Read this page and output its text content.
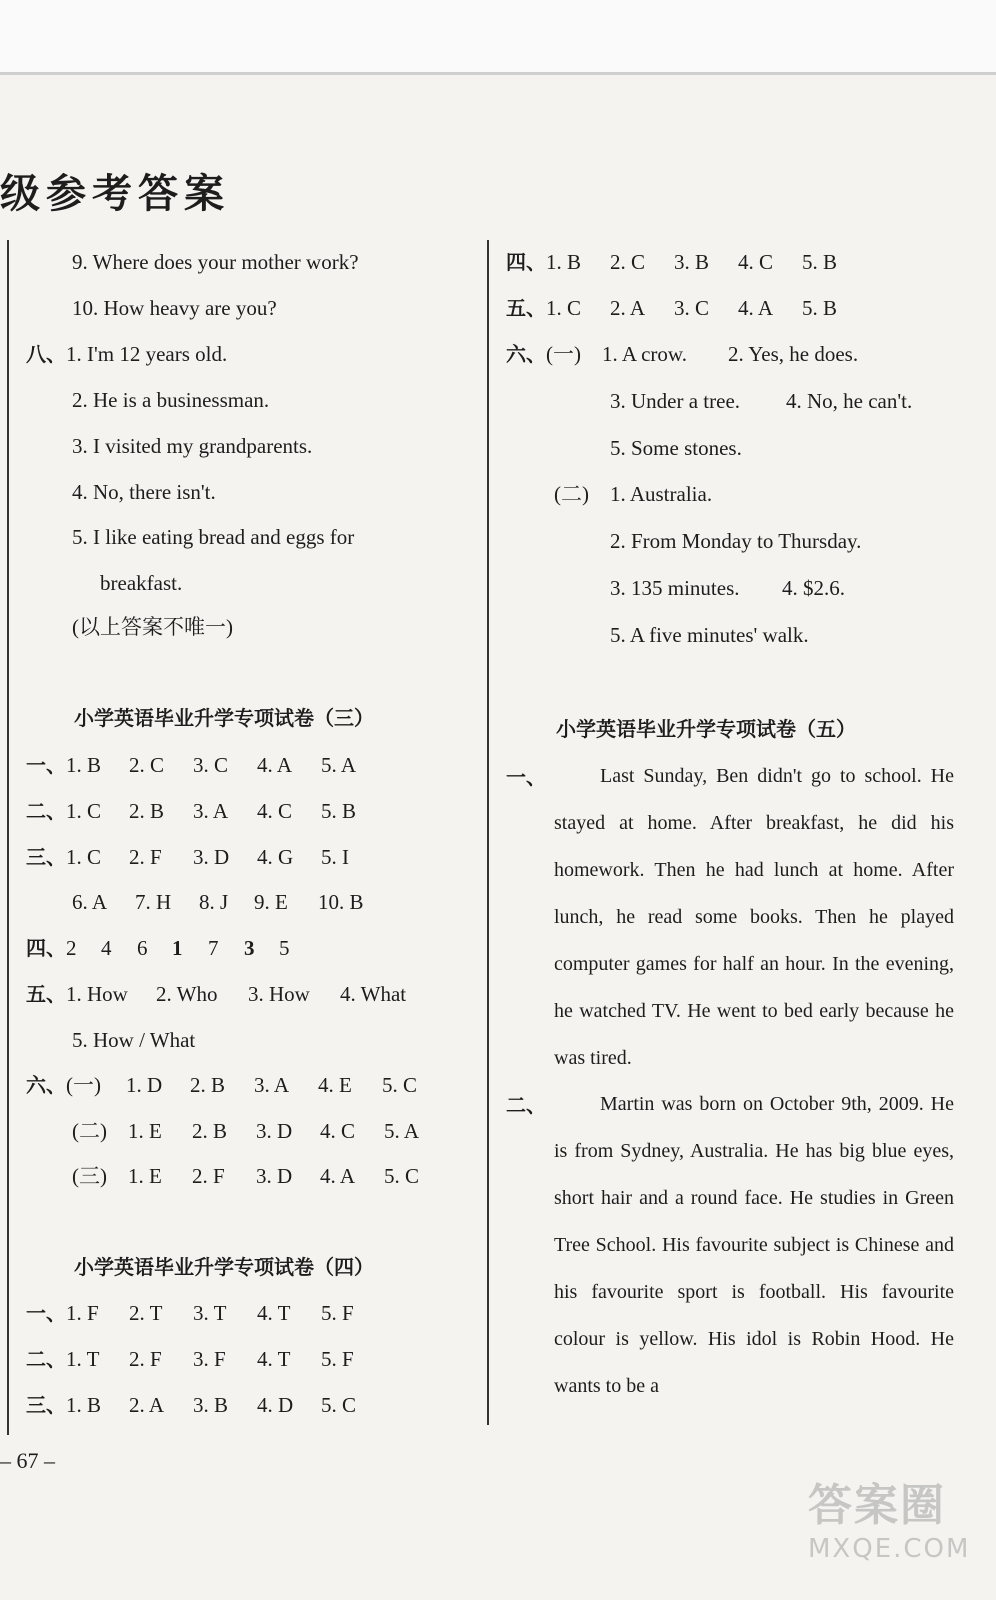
级参考答案
9. Where does your mother work?
10. How heavy are you?
八、1. I'm 12 years old.
2. He is a businessman.
3. I visited my grandparents.
4. No, there isn't.
5. I like eating bread and eggs for
breakfast.
(以上答案不唯一)
小学英语毕业升学专项试卷（三）
一、1. B 2. C 3. C 4. A 5. A
二、1. C 2. B 3. A 4. C 5. B
三、1. C 2. F 3. D 4. G 5. I
6. A 7. H 8. J 9. E 10. B
四、2 4 6 1 7 3 5
五、1. How 2. Who 3. How 4. What
5. How / What
六、(一) 1. D 2. B 3. A 4. E 5. C
(二) 1. E 2. B 3. D 4. C 5. A
(三) 1. E 2. F 3. D 4. A 5. C
小学英语毕业升学专项试卷（四）
一、1. F 2. T 3. T 4. T 5. F
二、1. T 2. F 3. F 4. T 5. F
三、1. B 2. A 3. B 4. D 5. C
– 67 –
四、1. B 2. C 3. B 4. C 5. B
五、1. C 2. A 3. C 4. A 5. B
六、(一) 1. A crow. 2. Yes, he does.
3. Under a tree. 4. No, he can't.
5. Some stones.
(二) 1. Australia.
2. From Monday to Thursday.
3. 135 minutes. 4. $2.6.
5. A five minutes' walk.
小学英语毕业升学专项试卷（五）
一、	Last Sunday, Ben didn't go to school. He stayed at home. After breakfast, he did his homework. Then he had lunch at home. After lunch, he read some books. Then he played computer games for half an hour. In the evening, he watched TV. He went to bed early because he was tired.
二、	Martin was born on October 9th, 2009. He is from Sydney, Australia. He has big blue eyes, short hair and a round face. He studies in Green Tree School. His favourite subject is Chinese and his favourite sport is football. His favourite colour is yellow. His idol is Robin Hood. He wants to be a
答案圈
MXQE.COM
